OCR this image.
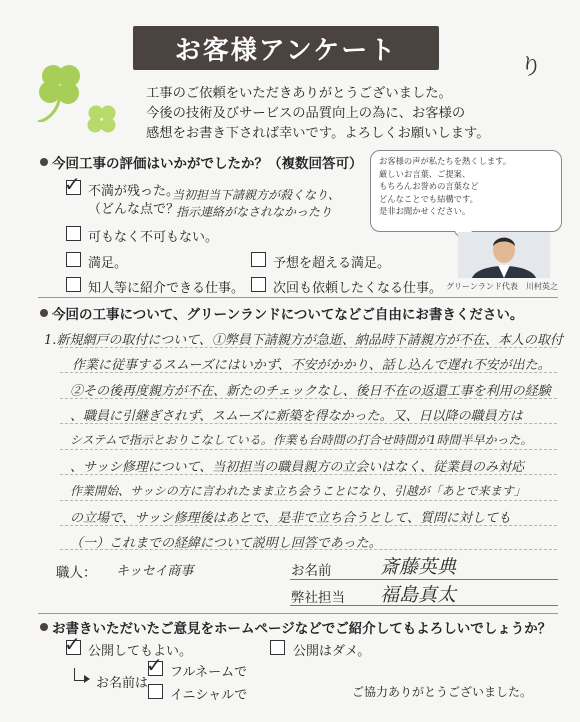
お客様アンケート
り
工事のご依頼をいただきありがとうございました。
今後の技術及びサービスの品質向上の為に、お客様の
感想をお書き下されば幸いです。よろしくお願いします。
今回工事の評価はいかがでしたか？（複数回答可）
✓ 不満が残った。
（どんな点で？
当初担当下請親方が殺くなり、
指示連絡がなされなかったり
可もなく不可もない。
満足。	予想を超える満足。
知人等に紹介できる仕事。 次回も依頼したくなる仕事。
お客様の声が私たちを熱くします。
厳しいお言葉、ご提案、
もちろんお誉めの言葉など
どんなことでも結構です。
是非お聞かせください。
グリーンランド代表　川村英之
今回の工事について、グリーンランドについてなどご自由にお書きください。
1.新規網戸の取付について、①弊員下請親方が急逝、納品時下請親方が不在、本人の取付
作業に従事するスムーズにはいかず、不安がかかり、話し込んで遅れ不安が出た。
②その後再度親方が不在、新たのチェックなし、後日不在の返還工事を利用の経験
、職員に引継ぎされず、スムーズに新築を得なかった。又、日以降の職員方は
システムで指示とおりこなしている。作業も台時間の打合せ時間が1時間半早かった。
、サッシ修理について、当初担当の職員親方の立会いはなく、従業員のみ対応
作業開始、サッシの方に言われたまま立ち会うことになり、引越が「あとで来ます」
の立場で、サッシ修理後はあとで、是非で立ち合うとして、質問に対しても
（一）これまでの経緯について説明し回答であった。
職人： キッセイ商事	お名前	斎藤英典
弊社担当 福島真太
お書きいただいたご意見をホームページなどでご紹介してもよろしいでしょうか？
✓ 公開してもよい。	公開はダメ。
お名前は
✓ フルネームで
イニシャルで	ご協力ありがとうございました。
